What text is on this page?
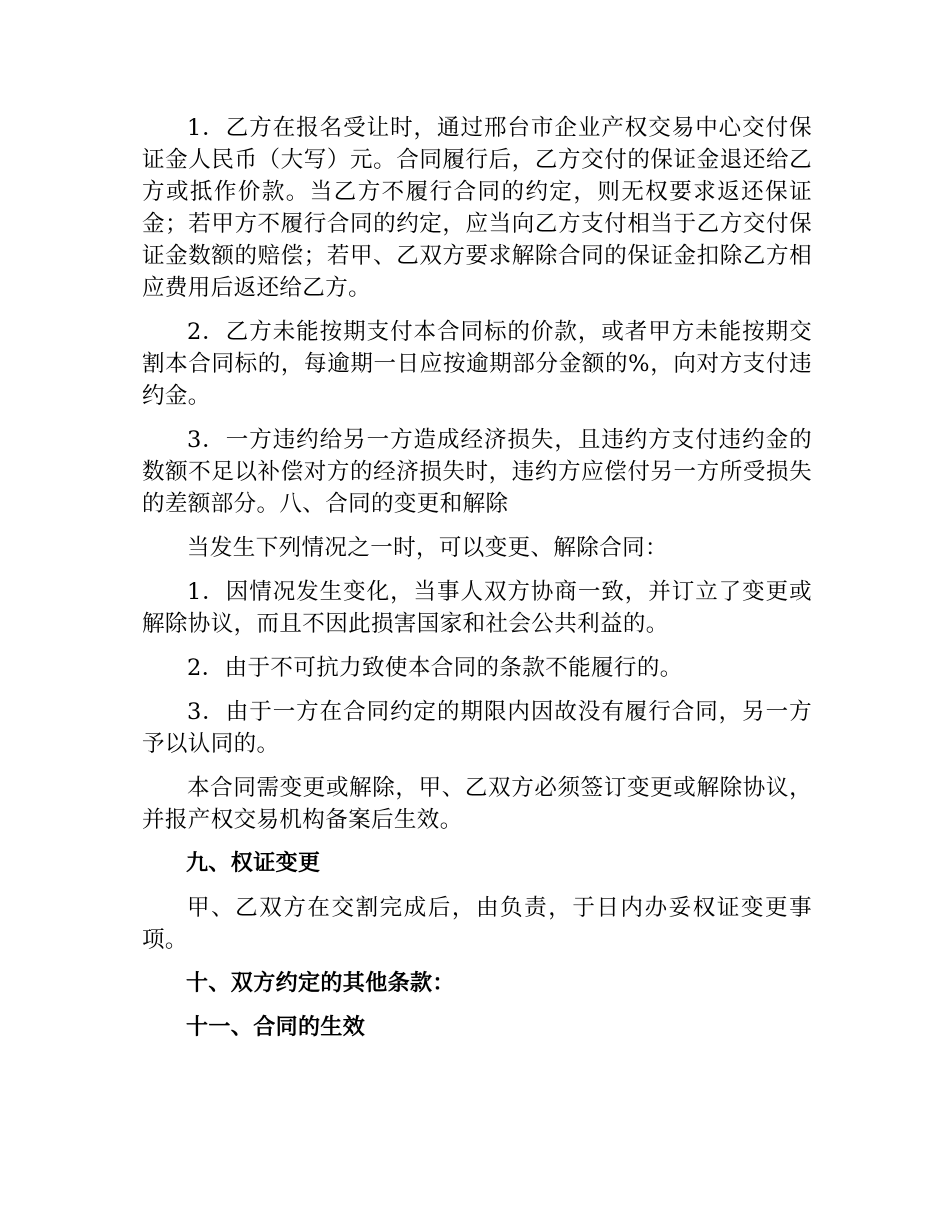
1．乙方在报名受让时，通过邢台市企业产权交易中心交付保证金人民币（大写）元。合同履行后，乙方交付的保证金退还给乙方或抵作价款。当乙方不履行合同的约定，则无权要求返还保证金；若甲方不履行合同的约定，应当向乙方支付相当于乙方交付保证金数额的赔偿；若甲、乙双方要求解除合同的保证金扣除乙方相应费用后返还给乙方。

2．乙方未能按期支付本合同标的价款，或者甲方未能按期交割本合同标的，每逾期一日应按逾期部分金额的%，向对方支付违约金。

3．一方违约给另一方造成经济损失，且违约方支付违约金的数额不足以补偿对方的经济损失时，违约方应偿付另一方所受损失的差额部分。八、合同的变更和解除

当发生下列情况之一时，可以变更、解除合同：

1．因情况发生变化，当事人双方协商一致，并订立了变更或解除协议，而且不因此损害国家和社会公共利益的。

2．由于不可抗力致使本合同的条款不能履行的。

3．由于一方在合同约定的期限内因故没有履行合同，另一方予以认同的。

本合同需变更或解除，甲、乙双方必须签订变更或解除协议，并报产权交易机构备案后生效。

九、权证变更

甲、乙双方在交割完成后，由负责，于日内办妥权证变更事项。

十、双方约定的其他条款：

十一、合同的生效
